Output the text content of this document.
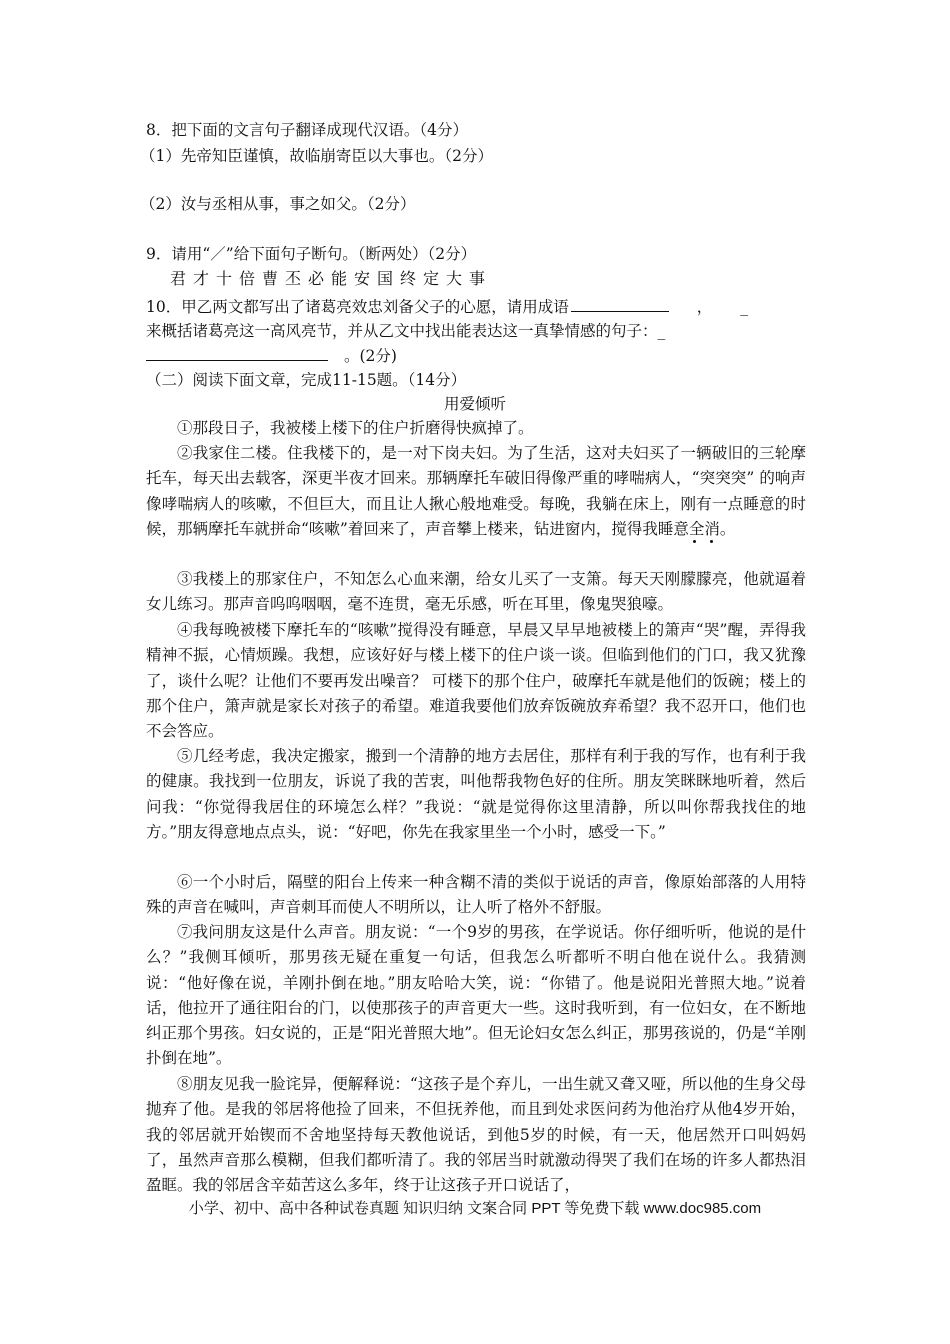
8．把下面的文言句子翻译成现代汉语。（4分）
（1）先帝知臣谨慎，故临崩寄臣以大事也。（2分）
（2）汝与丞相从事，事之如父。（2分）
9．请用“／”给下面句子断句。（断两处）（2分）
君才十倍曹丕必能安国终定大事
10．甲乙两文都写出了诸葛亮效忠刘备父子的心愿，请用成语	， _
来概括诸葛亮这一高风亮节，并从乙文中找出能表达这一真挚情感的句子：_
。(2分)
（二）阅读下面文章，完成11-15题。（14分）
用爱倾听
①那段日子，我被楼上楼下的住户折磨得快疯掉了。
②我家住二楼。住我楼下的，是一对下岗夫妇。为了生活，这对夫妇买了一辆破旧的三轮摩托车，每天出去载客，深更半夜才回来。那辆摩托车破旧得像严重的哮喘病人，“突突突” 的响声像哮喘病人的咳嗽，不但巨大，而且让人揪心般地难受。每晚，我躺在床上，刚有一点睡意的时候，那辆摩托车就拼命“咳嗽”着回来了，声音攀上楼来，钻进窗内，搅得我睡意全消。
③我楼上的那家住户，不知怎么心血来潮，给女儿买了一支箫。每天天刚朦朦亮，他就逼着女儿练习。那声音呜呜咽咽，毫不连贯，毫无乐感，听在耳里，像鬼哭狼嚎。
④我每晚被楼下摩托车的“咳嗽”搅得没有睡意，早晨又早早地被楼上的箫声“哭”醒，弄得我精神不振，心情烦躁。我想，应该好好与楼上楼下的住户谈一谈。但临到他们的门口，我又犹豫了，谈什么呢？让他们不要再发出噪音？ 可楼下的那个住户，破摩托车就是他们的饭碗；楼上的那个住户，箫声就是家长对孩子的希望。难道我要他们放弃饭碗放弃希望？我不忍开口，他们也不会答应。
⑤几经考虑，我决定搬家，搬到一个清静的地方去居住，那样有利于我的写作，也有利于我的健康。我找到一位朋友，诉说了我的苦衷，叫他帮我物色好的住所。朋友笑眯眯地听着，然后问我：“你觉得我居住的环境怎么样？”我说：“就是觉得你这里清静，所以叫你帮我找住的地方。”朋友得意地点点头，说：“好吧，你先在我家里坐一个小时，感受一下。”
⑥一个小时后，隔壁的阳台上传来一种含糊不清的类似于说话的声音，像原始部落的人用特殊的声音在喊叫，声音刺耳而使人不明所以，让人听了格外不舒服。
⑦我问朋友这是什么声音。朋友说：“一个9岁的男孩，在学说话。你仔细听听，他说的是什么？”我侧耳倾听，那男孩无疑在重复一句话，但我怎么听都听不明白他在说什么。我猜测说：“他好像在说，羊刚扑倒在地。”朋友哈哈大笑，说：“你错了。他是说阳光普照大地。”说着话，他拉开了通往阳台的门，以使那孩子的声音更大一些。这时我听到，有一位妇女，在不断地纠正那个男孩。妇女说的，正是“阳光普照大地”。但无论妇女怎么纠正，那男孩说的，仍是“羊刚扑倒在地”。
⑧朋友见我一脸诧异，便解释说：“这孩子是个弃儿，一出生就又聋又哑，所以他的生身父母抛弃了他。是我的邻居将他捡了回来，不但抚养他，而且到处求医问药为他治疗从他4岁开始，我的邻居就开始锲而不舍地坚持每天教他说话，到他5岁的时候，有一天，他居然开口叫妈妈了，虽然声音那么模糊，但我们都听清了。我的邻居当时就激动得哭了我们在场的许多人都热泪盈眶。我的邻居含辛茹苦这么多年，终于让这孩子开口说话了，
小学、初中、高中各种试卷真题 知识归纳 文案合同 PPT 等免费下载 www.doc985.com
